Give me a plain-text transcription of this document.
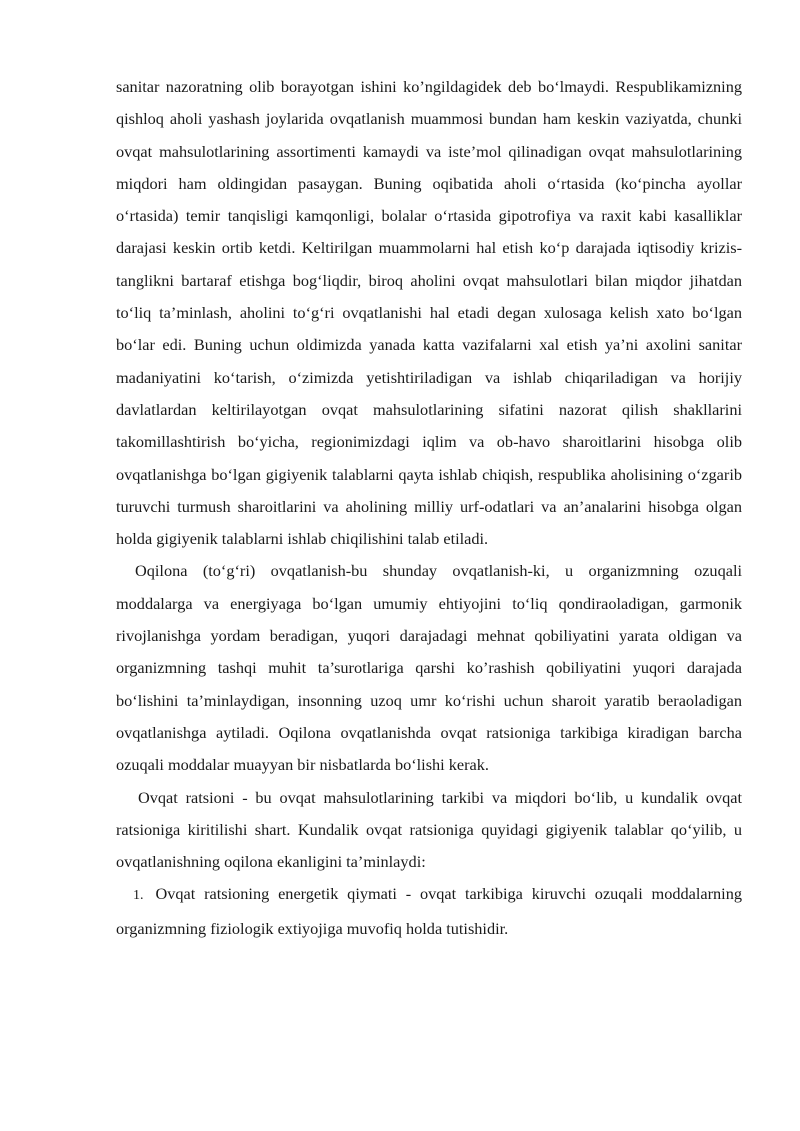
sanitar nazoratning olib borayotgan ishini ko’ngildagidek deb bo‘lmaydi. Respublikamizning qishloq aholi yashash joylarida ovqatlanish muammosi bundan ham keskin vaziyatda, chunki ovqat mahsulotlarining assortimenti kamaydi va iste’mol qilinadigan ovqat mahsulotlarining miqdori ham oldingidan pasaygan. Buning oqibatida aholi o‘rtasida (ko‘pincha ayollar o‘rtasida) temir tanqisligi kamqonligi, bolalar o‘rtasida gipotrofiya va raxit kabi kasalliklar darajasi keskin ortib ketdi. Keltirilgan muammolarni hal etish ko‘p darajada iqtisodiy krizis-tanglikni bartaraf etishga bog‘liqdir, biroq aholini ovqat mahsulotlari bilan miqdor jihatdan to‘liq ta’minlash, aholini to‘g‘ri ovqatlanishi hal etadi degan xulosaga kelish xato bo‘lgan bo‘lar edi. Buning uchun oldimizda yanada katta vazifalarni xal etish ya’ni axolini sanitar madaniyatini ko‘tarish, o‘zimizda yetishtiriladigan va ishlab chiqariladigan va horijiy davlatlardan keltirilayotgan ovqat mahsulotlarining sifatini nazorat qilish shakllarini takomillashtirish bo‘yicha, regionimizdagi iqlim va ob-havo sharoitlarini hisobga olib ovqatlanishga bo‘lgan gigiyenik talablarni qayta ishlab chiqish, respublika aholisining o‘zgarib turuvchi turmush sharoitlarini va aholining milliy urf-odatlari va an’analarini hisobga olgan holda gigiyenik talablarni ishlab chiqilishini talab etiladi.

Oqilona (to‘g‘ri) ovqatlanish-bu shunday ovqatlanish-ki, u organizmning ozuqali moddalarga va energiyaga bo‘lgan umumiy ehtiyojini to‘liq qondiraoladigan, garmonik rivojlanishga yordam beradigan, yuqori darajadagi mehnat qobiliyatini yarata oldigan va organizmning tashqi muhit ta’surotlariga qarshi ko’rashish qobiliyatini yuqori darajada bo‘lishini ta’minlaydigan, insonning uzoq umr ko‘rishi uchun sharoit yaratib beraoladigan ovqatlanishga aytiladi. Oqilona ovqatlanishda ovqat ratsioniga tarkibiga kiradigan barcha ozuqali moddalar muayyan bir nisbatlarda bo‘lishi kerak.

Ovqat ratsioni - bu ovqat mahsulotlarining tarkibi va miqdori bo‘lib, u kundalik ovqat ratsioniga kiritilishi shart. Kundalik ovqat ratsioniga quyidagi gigiyenik talablar qo‘yilib, u ovqatlanishning oqilona ekanligini ta’minlaydi:

1. Ovqat ratsioning energetik qiymati - ovqat tarkibiga kiruvchi ozuqali moddalarning organizmning fiziologik extiyojiga muvofiq holda tutishidir.
